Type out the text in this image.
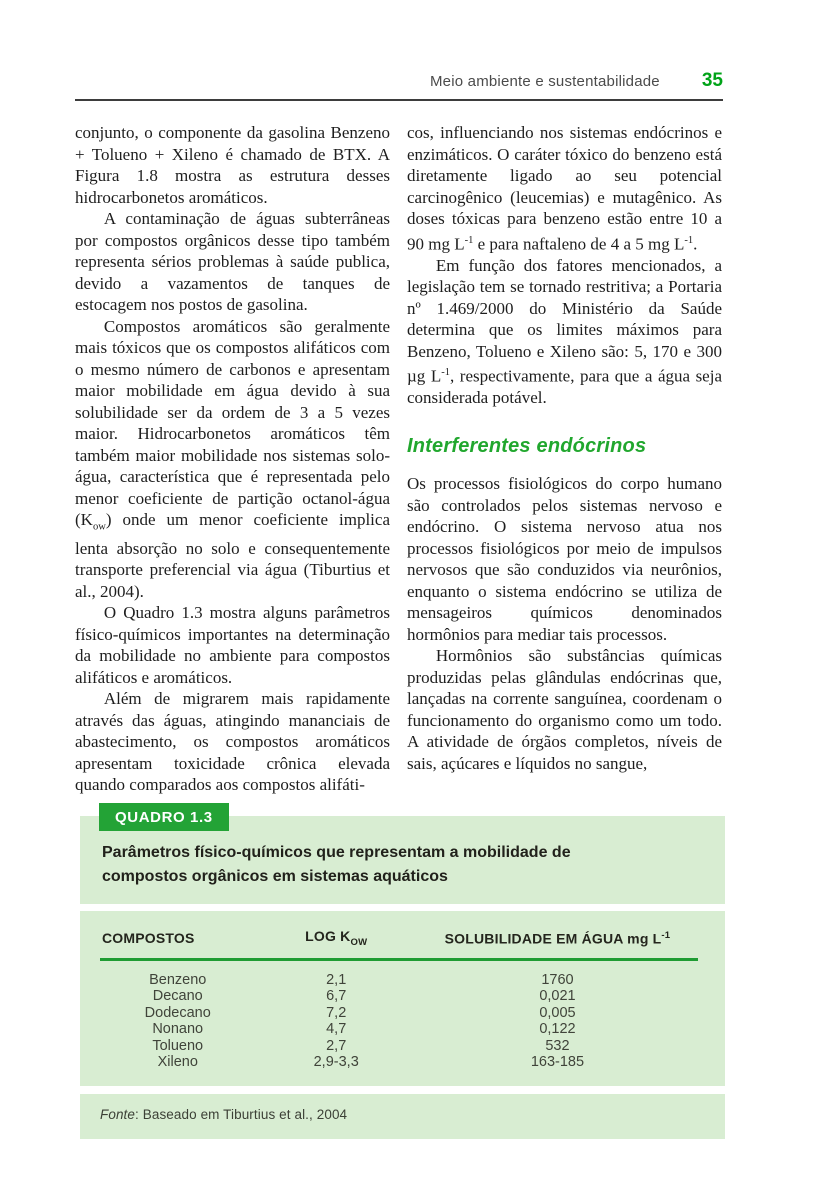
Meio ambiente e sustentabilidade 35

conjunto, o componente da gasolina Benzeno + Tolueno + Xileno é chamado de BTX. A Figura 1.8 mostra as estrutura desses hidrocarbonetos aromáticos.

A contaminação de águas subterrâneas por compostos orgânicos desse tipo também representa sérios problemas à saúde publica, devido a vazamentos de tanques de estocagem nos postos de gasolina.

Compostos aromáticos são geralmente mais tóxicos que os compostos alifáticos com o mesmo número de carbonos e apresentam maior mobilidade em água devido à sua solubilidade ser da ordem de 3 a 5 vezes maior. Hidrocarbonetos aromáticos têm também maior mobilidade nos sistemas solo-água, característica que é representada pelo menor coeficiente de partição octanol-água $(K_{ow})$ onde um menor coeficiente implica lenta absorção no solo e consequentemente transporte preferencial via água (Tiburtius et al., 2004).

O Quadro 1.3 mostra alguns parâmetros físico-químicos importantes na determinação da mobilidade no ambiente para compostos alifáticos e aromáticos.

Além de migrarem mais rapidamente através das águas, atingindo mananciais de abastecimento, os compostos aromáticos apresentam toxicidade crônica elevada quando comparados aos compostos alifáti-

cos, influenciando nos sistemas endócrinos e enzimáticos. O caráter tóxico do benzeno está diretamente ligado ao seu potencial carcinogênico (leucemias) e mutagênico. As doses tóxicas para benzeno estão entre 10 a 90 mg $L^{-1}$ e para naftaleno de 4 a 5 mg $L^{-1}$.

Em função dos fatores mencionados, a legislação tem se tornado restritiva; a Portaria nº 1.469/2000 do Ministério da Saúde determina que os limites máximos para Benzeno, Tolueno e Xileno são: 5, 170 e 300 µg $L^{-1}$, respectivamente, para que a água seja considerada potável.

Interferentes endócrinos

Os processos fisiológicos do corpo humano são controlados pelos sistemas nervoso e endócrino. O sistema nervoso atua nos processos fisiológicos por meio de impulsos nervosos que são conduzidos via neurônios, enquanto o sistema endócrino se utiliza de mensageiros químicos denominados hormônios para mediar tais processos.

Hormônios são substâncias químicas produzidas pelas glândulas endócrinas que, lançadas na corrente sanguínea, coordenam o funcionamento do organismo como um todo. A atividade de órgãos completos, níveis de sais, açúcares e líquidos no sangue,

QUADRO 1.3

Parâmetros físico-químicos que representam a mobilidade de compostos orgânicos em sistemas aquáticos

COMPOSTOS	LOG $K_{OW}$	SOLUBILIDADE EM ÁGUA mg $L^{-1}$
Benzeno	2,1	1760
Decano	6,7	0,021
Dodecano	7,2	0,005
Nonano	4,7	0,122
Tolueno	2,7	532
Xileno	2,9-3,3	163-185

Fonte: Baseado em Tiburtius et al., 2004
